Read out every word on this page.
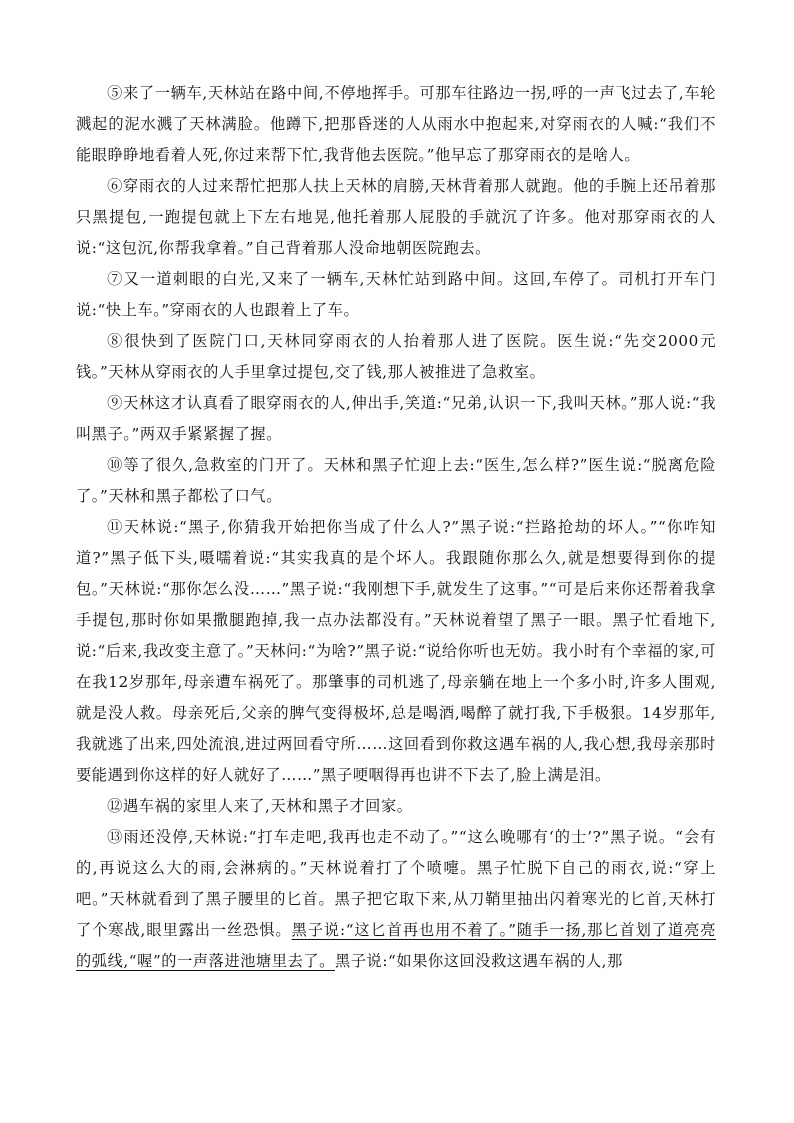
⑤来了一辆车,天林站在路中间,不停地挥手。可那车往路边一拐,呼的一声飞过去了,车轮溅起的泥水溅了天林满脸。他蹲下,把那昏迷的人从雨水中抱起来,对穿雨衣的人喊:“我们不能眼睁睁地看着人死,你过来帮下忙,我背他去医院。”他早忘了那穿雨衣的是啥人。

⑥穿雨衣的人过来帮忙把那人扶上天林的肩膀,天林背着那人就跑。他的手腕上还吊着那只黑提包,一跑提包就上下左右地晃,他托着那人屁股的手就沉了许多。他对那穿雨衣的人说:“这包沉,你帮我拿着。”自己背着那人没命地朝医院跑去。

⑦又一道刺眼的白光,又来了一辆车,天林忙站到路中间。这回,车停了。司机打开车门说:“快上车。”穿雨衣的人也跟着上了车。

⑧很快到了医院门口,天林同穿雨衣的人抬着那人进了医院。医生说:“先交2000元钱。”天林从穿雨衣的人手里拿过提包,交了钱,那人被推进了急救室。

⑨天林这才认真看了眼穿雨衣的人,伸出手,笑道:“兄弟,认识一下,我叫天林。”那人说:“我叫黑子。”两双手紧紧握了握。

⑩等了很久,急救室的门开了。天林和黑子忙迎上去:“医生,怎么样?”医生说:“脱离危险了。”天林和黑子都松了口气。

⑪天林说:“黑子,你猜我开始把你当成了什么人?”黑子说:“拦路抢劫的坏人。”“你咋知道?”黑子低下头,嗫嚅着说:“其实我真的是个坏人。我跟随你那么久,就是想要得到你的提包。”天林说:“那你怎么没……”黑子说:“我刚想下手,就发生了这事。”“可是后来你还帮着我拿手提包,那时你如果撒腿跑掉,我一点办法都没有。”天林说着望了黑子一眼。黑子忙看地下,说:“后来,我改变主意了。”天林问:“为啥?”黑子说:“说给你听也无妨。我小时有个幸福的家,可在我12岁那年,母亲遭车祸死了。那肇事的司机逃了,母亲躺在地上一个多小时,许多人围观,就是没人救。母亲死后,父亲的脾气变得极坏,总是喝酒,喝醉了就打我,下手极狠。14岁那年,我就逃了出来,四处流浪,进过两回看守所……这回看到你救这遇车祸的人,我心想,我母亲那时要能遇到你这样的好人就好了……”黑子哽咽得再也讲不下去了,脸上满是泪。

⑫遇车祸的家里人来了,天林和黑子才回家。

⑬雨还没停,天林说:“打车走吧,我再也走不动了。”“这么晚哪有‘的士’?”黑子说。“会有的,再说这么大的雨,会淋病的。”天林说着打了个喷嚏。黑子忙脱下自己的雨衣,说:“穿上吧。”天林就看到了黑子腰里的匕首。黑子把它取下来,从刀鞘里抽出闪着寒光的匕首,天林打了个寒战,眼里露出一丝恐惧。黑子说:“这匕首再也用不着了。”随手一扬,那匕首划了道亮亮的弧线,“喔”的一声落进池塘里去了。黑子说:“如果你这回没救这遇车祸的人,那
